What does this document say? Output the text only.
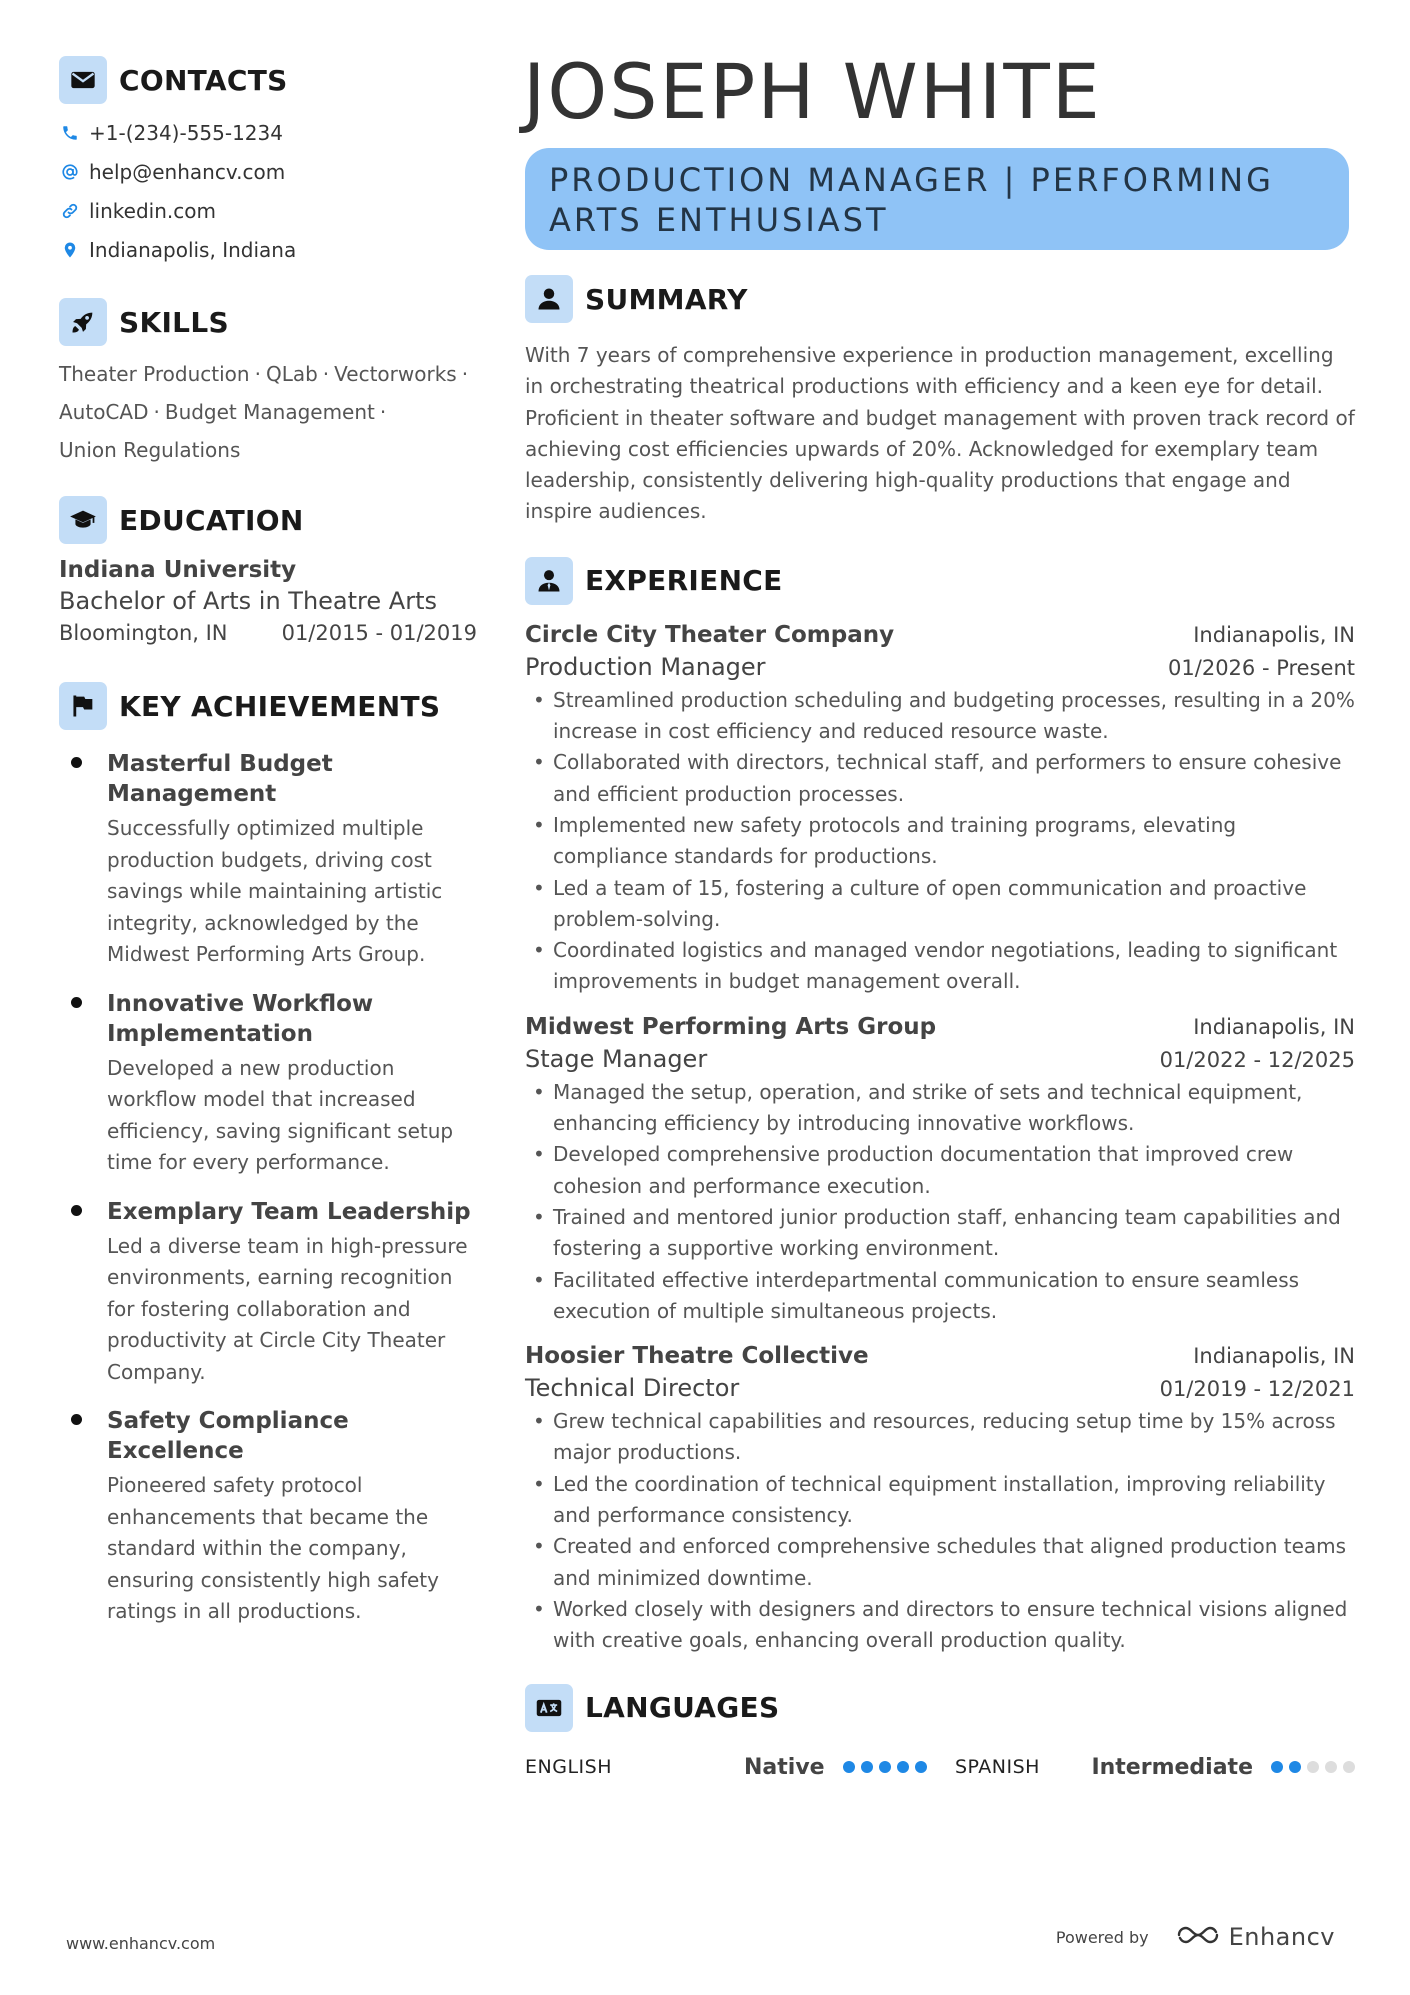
CONTACTS
+1-(234)-555-1234
help@enhancv.com
linkedin.com
Indianapolis, Indiana
SKILLS
Theater Production · QLab · Vectorworks ·
AutoCAD · Budget Management ·
Union Regulations
EDUCATION
Indiana University
Bachelor of Arts in Theatre Arts
Bloomington, IN	01/2015 - 01/2019
KEY ACHIEVEMENTS
Masterful Budget Management
Successfully optimized multiple production budgets, driving cost savings while maintaining artistic integrity, acknowledged by the Midwest Performing Arts Group.
Innovative Workflow Implementation
Developed a new production workflow model that increased efficiency, saving significant setup time for every performance.
Exemplary Team Leadership
Led a diverse team in high-pressure environments, earning recognition for fostering collaboration and productivity at Circle City Theater Company.
Safety Compliance Excellence
Pioneered safety protocol enhancements that became the standard within the company, ensuring consistently high safety ratings in all productions.
JOSEPH WHITE
PRODUCTION MANAGER | PERFORMING ARTS ENTHUSIAST
SUMMARY
With 7 years of comprehensive experience in production management, excelling in orchestrating theatrical productions with efficiency and a keen eye for detail. Proficient in theater software and budget management with proven track record of achieving cost efficiencies upwards of 20%. Acknowledged for exemplary team leadership, consistently delivering high-quality productions that engage and inspire audiences.
EXPERIENCE
Circle City Theater Company	Indianapolis, IN
Production Manager	01/2026 - Present
• Streamlined production scheduling and budgeting processes, resulting in a 20% increase in cost efficiency and reduced resource waste.
• Collaborated with directors, technical staff, and performers to ensure cohesive and efficient production processes.
• Implemented new safety protocols and training programs, elevating compliance standards for productions.
• Led a team of 15, fostering a culture of open communication and proactive problem-solving.
• Coordinated logistics and managed vendor negotiations, leading to significant improvements in budget management overall.
Midwest Performing Arts Group	Indianapolis, IN
Stage Manager	01/2022 - 12/2025
• Managed the setup, operation, and strike of sets and technical equipment, enhancing efficiency by introducing innovative workflows.
• Developed comprehensive production documentation that improved crew cohesion and performance execution.
• Trained and mentored junior production staff, enhancing team capabilities and fostering a supportive working environment.
• Facilitated effective interdepartmental communication to ensure seamless execution of multiple simultaneous projects.
Hoosier Theatre Collective	Indianapolis, IN
Technical Director	01/2019 - 12/2021
• Grew technical capabilities and resources, reducing setup time by 15% across major productions.
• Led the coordination of technical equipment installation, improving reliability and performance consistency.
• Created and enforced comprehensive schedules that aligned production teams and minimized downtime.
• Worked closely with designers and directors to ensure technical visions aligned with creative goals, enhancing overall production quality.
LANGUAGES
ENGLISH	Native	SPANISH	Intermediate
www.enhancv.com	Powered by	Enhancv
